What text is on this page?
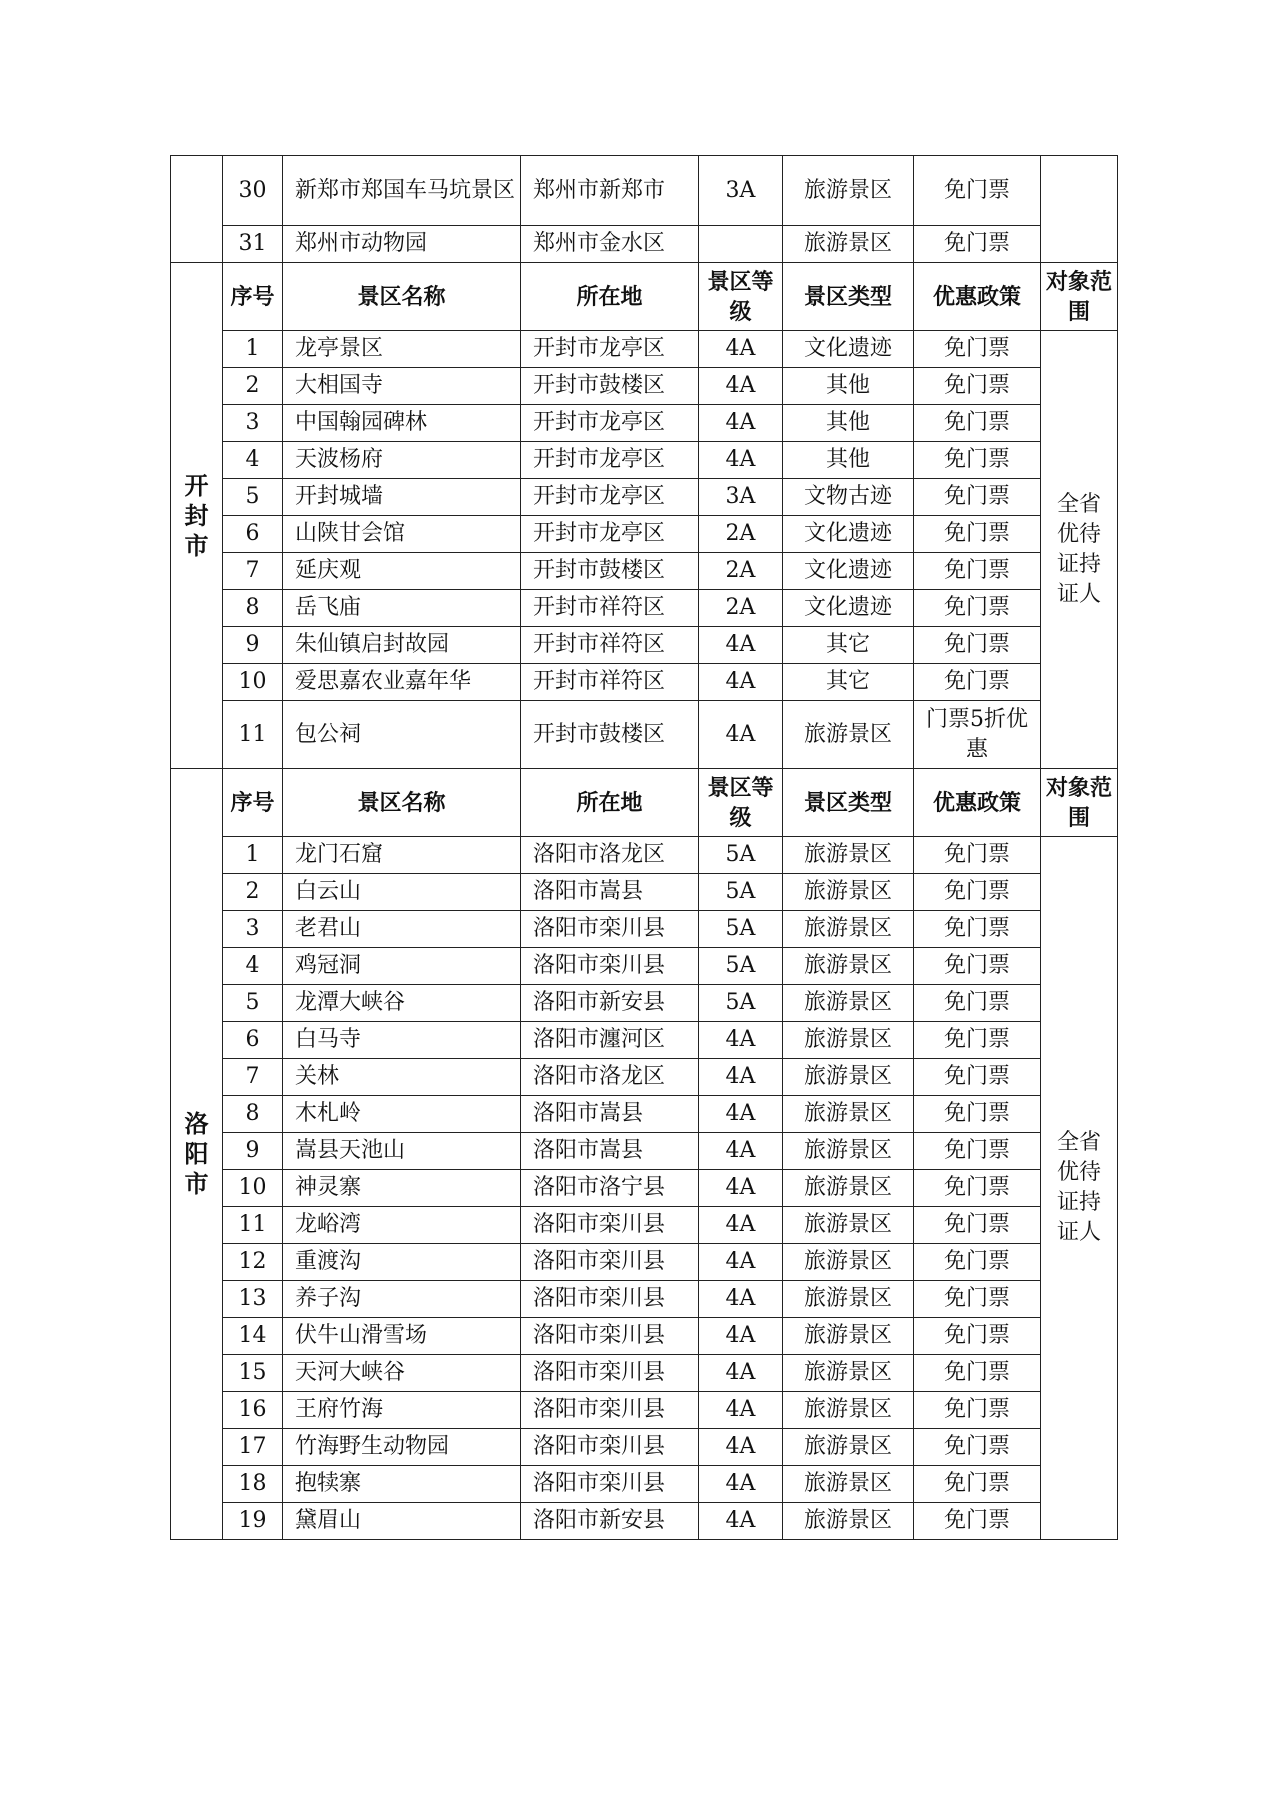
	30	新郑市郑国车马坑景区	郑州市新郑市	3A	旅游景区	免门票	
	31	郑州市动物园	郑州市金水区		旅游景区	免门票	
开封市	序号	景区名称	所在地	景区等级	景区类型	优惠政策	对象范围
	1	龙亭景区	开封市龙亭区	4A	文化遗迹	免门票	全省优待证持证人
	2	大相国寺	开封市鼓楼区	4A	其他	免门票	
	3	中国翰园碑林	开封市龙亭区	4A	其他	免门票	
	4	天波杨府	开封市龙亭区	4A	其他	免门票	
	5	开封城墙	开封市龙亭区	3A	文物古迹	免门票	
	6	山陕甘会馆	开封市龙亭区	2A	文化遗迹	免门票	
	7	延庆观	开封市鼓楼区	2A	文化遗迹	免门票	
	8	岳飞庙	开封市祥符区	2A	文化遗迹	免门票	
	9	朱仙镇启封故园	开封市祥符区	4A	其它	免门票	
	10	爱思嘉农业嘉年华	开封市祥符区	4A	其它	免门票	
	11	包公祠	开封市鼓楼区	4A	旅游景区	门票5折优惠	
洛阳市	序号	景区名称	所在地	景区等级	景区类型	优惠政策	对象范围
	1	龙门石窟	洛阳市洛龙区	5A	旅游景区	免门票	全省优待证持证人
	2	白云山	洛阳市嵩县	5A	旅游景区	免门票	
	3	老君山	洛阳市栾川县	5A	旅游景区	免门票	
	4	鸡冠洞	洛阳市栾川县	5A	旅游景区	免门票	
	5	龙潭大峡谷	洛阳市新安县	5A	旅游景区	免门票	
	6	白马寺	洛阳市瀍河区	4A	旅游景区	免门票	
	7	关林	洛阳市洛龙区	4A	旅游景区	免门票	
	8	木札岭	洛阳市嵩县	4A	旅游景区	免门票	
	9	嵩县天池山	洛阳市嵩县	4A	旅游景区	免门票	
	10	神灵寨	洛阳市洛宁县	4A	旅游景区	免门票	
	11	龙峪湾	洛阳市栾川县	4A	旅游景区	免门票	
	12	重渡沟	洛阳市栾川县	4A	旅游景区	免门票	
	13	养子沟	洛阳市栾川县	4A	旅游景区	免门票	
	14	伏牛山滑雪场	洛阳市栾川县	4A	旅游景区	免门票	
	15	天河大峡谷	洛阳市栾川县	4A	旅游景区	免门票	
	16	王府竹海	洛阳市栾川县	4A	旅游景区	免门票	
	17	竹海野生动物园	洛阳市栾川县	4A	旅游景区	免门票	
	18	抱犊寨	洛阳市栾川县	4A	旅游景区	免门票	
	19	黛眉山	洛阳市新安县	4A	旅游景区	免门票	
